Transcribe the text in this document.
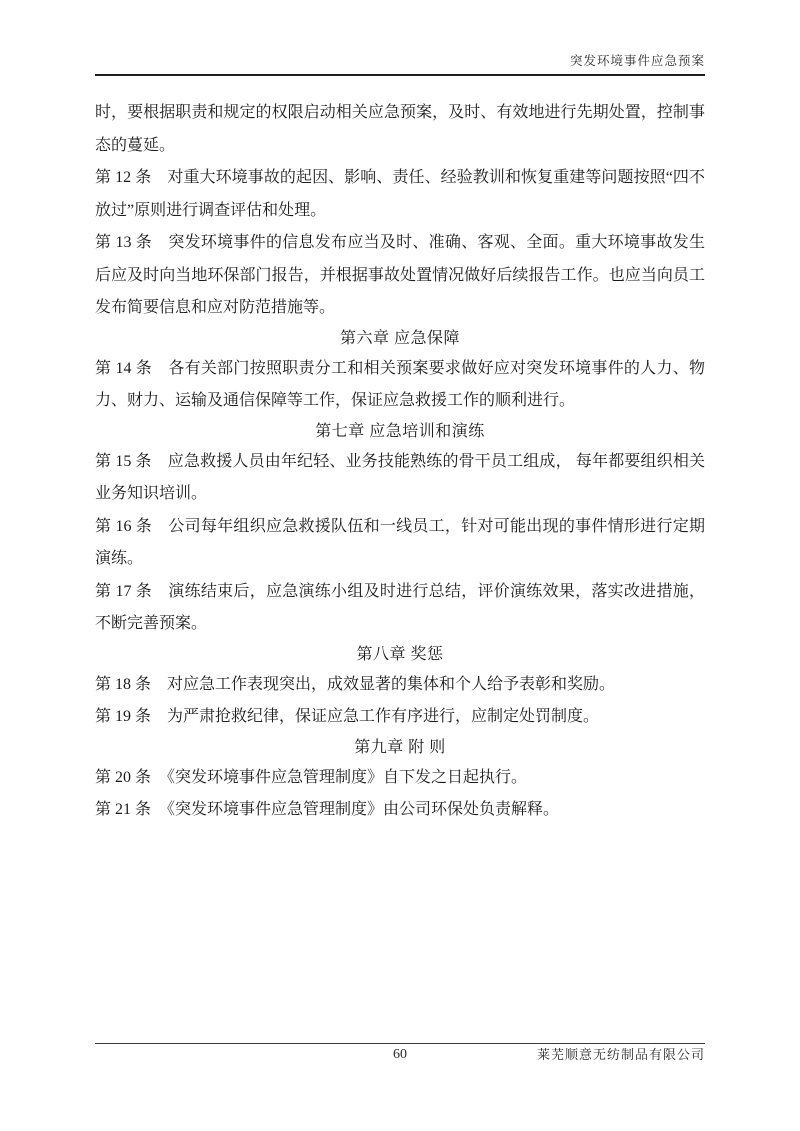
突发环境事件应急预案

时，要根据职责和规定的权限启动相关应急预案，及时、有效地进行先期处置，控制事态的蔓延。

第 12 条　对重大环境事故的起因、影响、责任、经验教训和恢复重建等问题按照“四不放过”原则进行调查评估和处理。

第 13 条　突发环境事件的信息发布应当及时、准确、客观、全面。重大环境事故发生后应及时向当地环保部门报告，并根据事故处置情况做好后续报告工作。也应当向员工发布简要信息和应对防范措施等。

第六章 应急保障

第 14 条　各有关部门按照职责分工和相关预案要求做好应对突发环境事件的人力、物力、财力、运输及通信保障等工作，保证应急救援工作的顺利进行。

第七章 应急培训和演练

第 15 条　应急救援人员由年纪轻、业务技能熟练的骨干员工组成， 每年都要组织相关业务知识培训。

第 16 条　公司每年组织应急救援队伍和一线员工，针对可能出现的事件情形进行定期演练。

第 17 条　演练结束后，应急演练小组及时进行总结，评价演练效果，落实改进措施，不断完善预案。

第八章 奖惩

第 18 条　对应急工作表现突出，成效显著的集体和个人给予表彰和奖励。

第 19 条　为严肃抢救纪律，保证应急工作有序进行，应制定处罚制度。

第九章 附 则

第 20 条　《突发环境事件应急管理制度》自下发之日起执行。

第 21 条　《突发环境事件应急管理制度》由公司环保处负责解释。

60	莱芜顺意无纺制品有限公司
